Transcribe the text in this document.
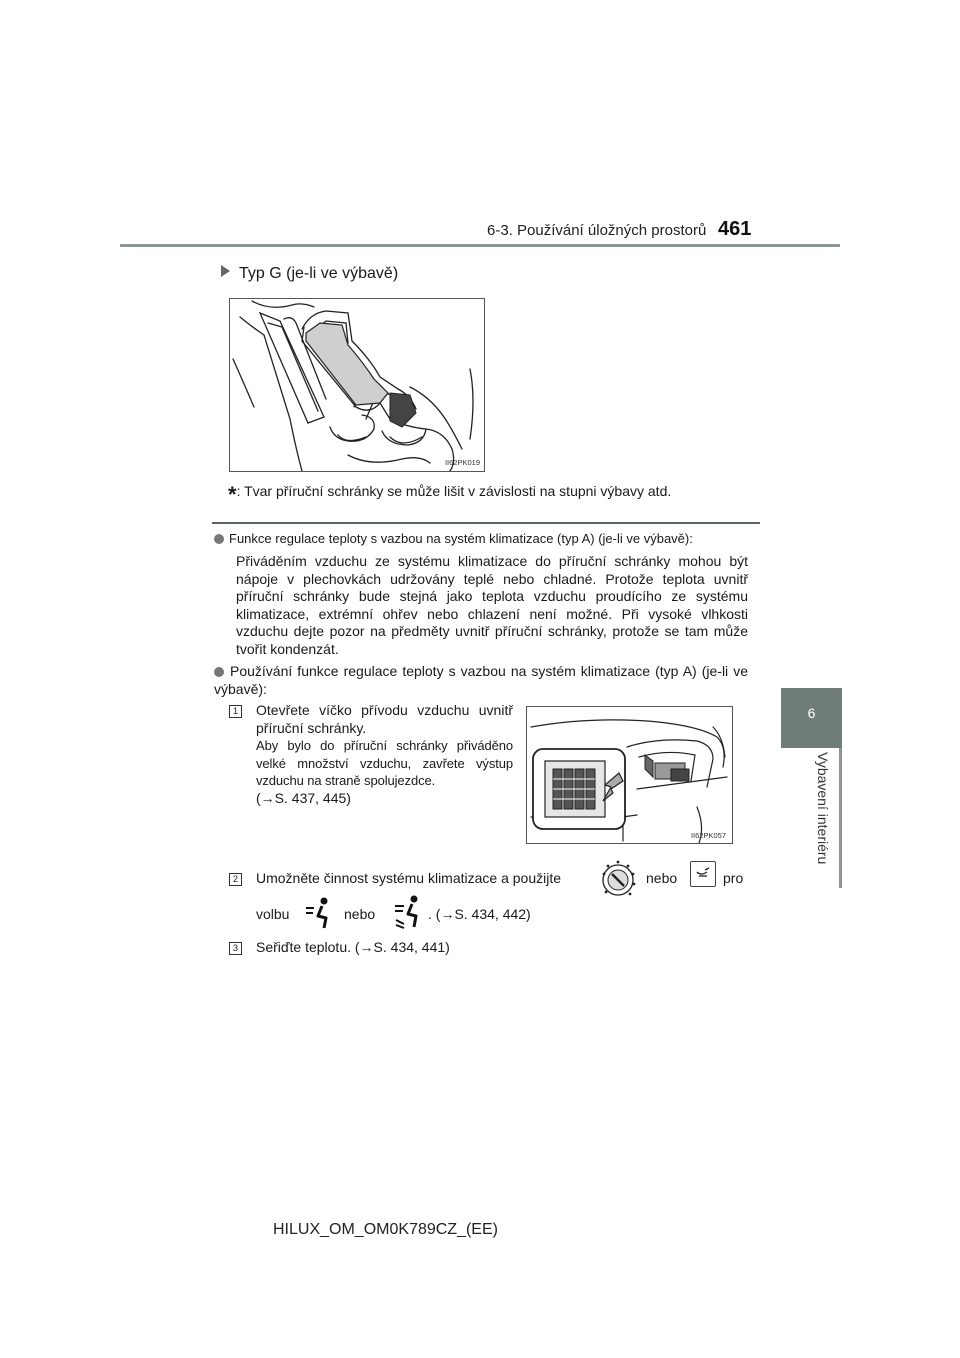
6-3. Používání úložných prostorů 461
6
Vybavení interiéru
Typ G (je-li ve výbavě)
II62PK019
*: Tvar příruční schránky se může lišit v závislosti na stupni výbavy atd.
Funkce regulace teploty s vazbou na systém klimatizace (typ A) (je-li ve výbavě):
Přiváděním vzduchu ze systému klimatizace do příruční schránky mohou být nápoje v plechovkách udržovány teplé nebo chladné. Protože teplota uvnitř příruční schránky bude stejná jako teplota vzduchu proudícího ze systému klimatizace, extrémní ohřev nebo chlazení není možné. Při vysoké vlhkosti vzduchu dejte pozor na předměty uvnitř příruční schránky, protože se tam může tvořit kondenzát.
Používání funkce regulace teploty s vazbou na systém klimatizace (typ A) (je-li ve výbavě):
1 Otevřete víčko přívodu vzduchu uvnitř příruční schránky.
Aby bylo do příruční schránky přiváděno velké množství vzduchu, zavřete výstup vzduchu na straně spolujezdce.
(→S. 437, 445)
II62PK057
2 Umožněte činnost systému klimatizace a použijte	nebo	pro
volbu	nebo	. (→S. 434, 442)
3 Seřiďte teplotu. (→S. 434, 441)
HILUX_OM_OM0K789CZ_(EE)
